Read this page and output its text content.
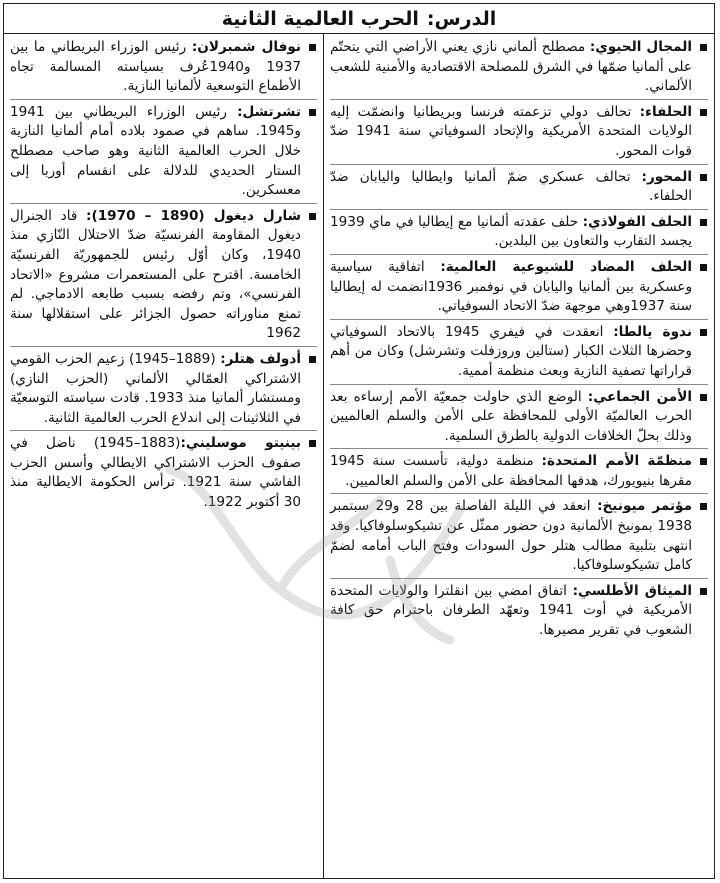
الدرس:
الحرب العالمية الثانية
المجال الحيوي: مصطلح ألماني نازي يعني الأراضي التي يتحتّم على ألمانيا ضمّها في الشرق للمصلحة الاقتصادية والأمنية للشعب الألماني.
الحلفاء: تحالف دولي تزعمته فرنسا وبريطانيا وانضمّت إليه الولايات المتحدة الأمريكية والإتحاد السوفياتي سنة 1941 ضدّ قوات المحور.
المحور: تحالف عسكري ضمّ ألمانيا وايطاليا واليابان ضدّ الحلفاء.
الحلف الفولاذي: حلف عقدته ألمانيا مع إيطاليا في ماي 1939 يجسد التقارب والتعاون بين البلدين.
الحلف المضاد للشيوعية العالمية: اتفاقية سياسية وعسكرية بين ألمانيا واليابان في نوفمبر 1936انضمت له إيطاليا سنة 1937وهي موجهة ضدّ الاتحاد السوفياتي.
ندوة يالطا: انعقدت في فيفري 1945 بالاتحاد السوفياتي وحضرها الثلاث الكبار (ستالين وروزفلت وتشرشل) وكان من أهم قراراتها تصفية النازية وبعث منظمة أممية.
الأمن الجماعي: الوضع الذي حاولت جمعيّة الأمم إرساءه بعد الحرب العالميّة الأولى للمحافظة على الأمن والسلم العالميين وذلك بحلّ الخلافات الدولية بالطرق السلمية.
منظمّة الأمم المتحدة: منظمة دولية، تأسست سنة 1945 مقرها بنيويورك، هدفها المحافظة على الأمن والسلم العالميين.
مؤتمر ميونيخ: انعقد في الليلة الفاصلة بين 28 و29 سبتمبر 1938 بمونيخ الألمانية دون حضور ممثّل عن تشيكوسلوفاكيا. وقد انتهى بتلبية مطالب هتلر حول السودات وفتح الباب أمامه لضمّ كامل تشيكوسلوفاكيا.
الميثاق الأطلسي: اتفاق امضي بين انقلترا والولايات المتحدة الأمريكية في أوت 1941 وتعهّد الطرفان باحترام حق كافة الشعوب في تقرير مصيرها.
نوفال شمبرلان: رئيس الوزراء البريطاني ما بين 1937 و1940عُرف بسياسته المسالمة تجاه الأطماع التوسعية لألمانيا النازية.
تشرتشل: رئيس الوزراء البريطاني بين 1941 و1945. ساهم في صمود بلاده أمام ألمانيا النازية خلال الحرب العالمية الثانية وهو صاحب مصطلح الستار الحديدي للدلالة على انقسام أوربا إلى معسكرين.
شارل ديغول (1890 – 1970): قاد الجنرال ديغول المقاومة الفرنسيّة ضدّ الاحتلال النّازي منذ 1940، وكان أوّل رئيس للجمهوريّة الفرنسيّة الخامسة. اقترح على المستعمرات مشروع «الاتحاد الفرنسي»، وتم رفضه بسبب طابعه الادماجي. لم تمنع مناوراته حصول الجزائر على استقلالها سنة 1962
أدولف هتلر: (1889–1945) زعيم الحزب القومي الاشتراكي العمّالي الألماني (الحزب النازي) ومستشار ألمانيا منذ 1933. قادت سياسته التوسعيّة في الثلاثينات إلى اندلاع الحرب العالمية الثانية.
بينيتو موسليني:(1883–1945) ناضل في صفوف الحزب الاشتراكي الايطالي وأسس الحزب الفاشي سنة 1921. ترأس الحكومة الايطالية منذ 30 أكتوبر 1922.
